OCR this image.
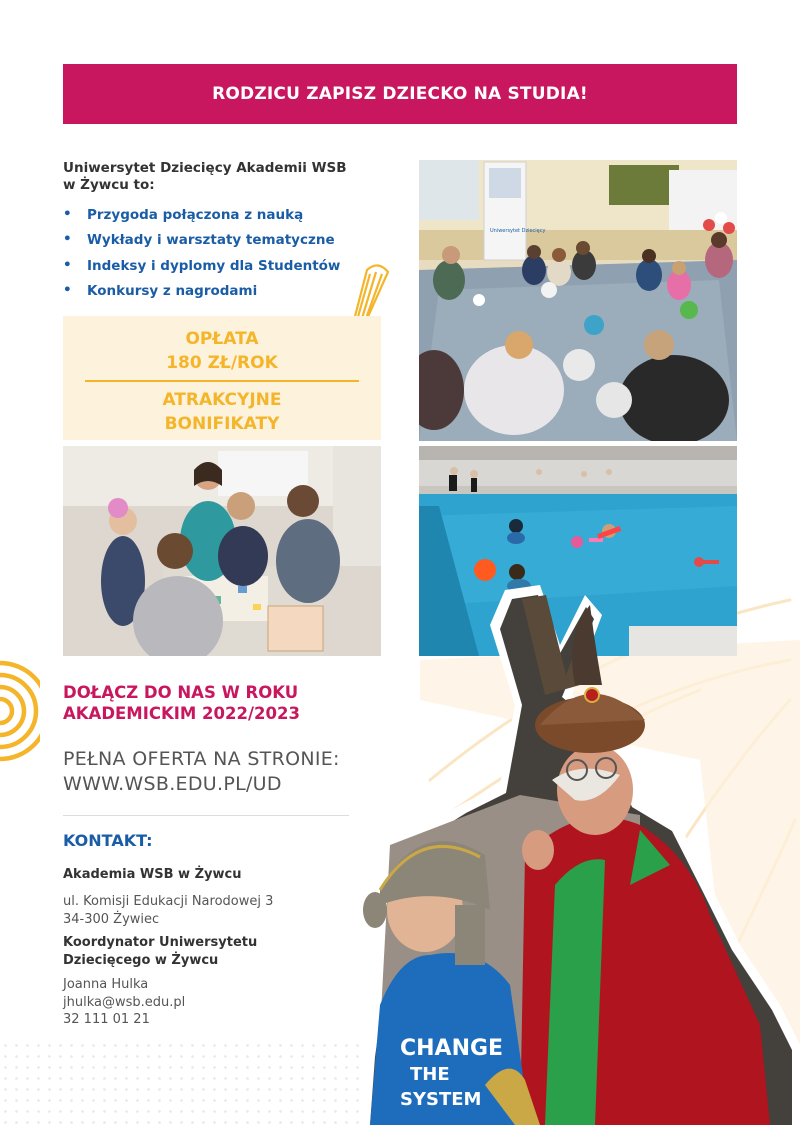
RODZICU ZAPISZ DZIECKO NA STUDIA!
Uniwersytet Dziecięcy Akademii WSB
w Żywcu to:
• Przygoda połączona z nauką
• Wykłady i warsztaty tematyczne
• Indeksy i dyplomy dla Studentów
• Konkursy z nagrodami
OPŁATA
180 ZŁ/ROK
ATRAKCYJNE
BONIFIKATY
Uniwersytet Dziecięcy
CHANGE
THE
SYSTEM
DOŁĄCZ DO NAS W ROKU
AKADEMICKIM 2022/2023
PEŁNA OFERTA NA STRONIE:
WWW.WSB.EDU.PL/UD
KONTAKT:
Akademia WSB w Żywcu
ul. Komisji Edukacji Narodowej 3
34-300 Żywiec
Koordynator Uniwersytetu
Dziecięcego w Żywcu
Joanna Hulka
jhulka@wsb.edu.pl
32 111 01 21
